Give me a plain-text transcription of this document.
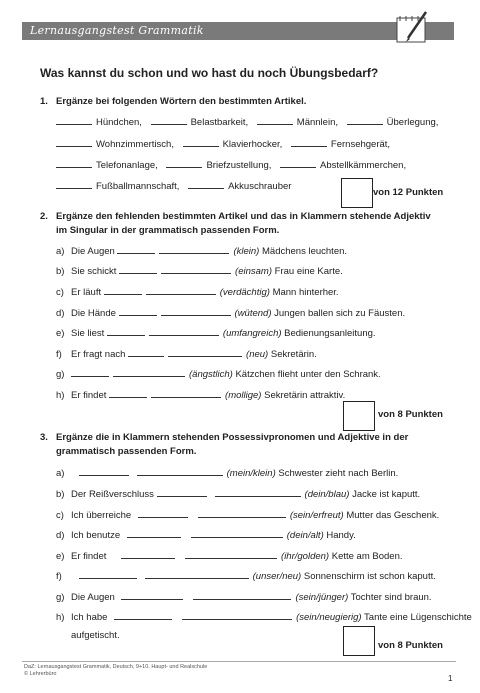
Lernausgangstest Grammatik
Was kannst du schon und wo hast du noch Übungsbedarf?
1. Ergänze bei folgenden Wörtern den bestimmten Artikel.
Hündchen,	Belastbarkeit,	Männlein,	Überlegung,
Wohnzimmertisch,	Klavierhocker,	Fernsehgerät,
Telefonanlage,	Briefzustellung,	Abstellkämmerchen,
Fußballmannschaft,	Akkuschrauber
von 12 Punkten
2. Ergänze den fehlenden bestimmten Artikel und das in Klammern stehende Adjektiv
im Singular in der grammatisch passenden Form.
a) Die Augen	(klein) Mädchens leuchten.
b) Sie schickt	(einsam) Frau eine Karte.
c) Er läuft	(verdächtig) Mann hinterher.
d) Die Hände	(wütend) Jungen ballen sich zu Fäusten.
e) Sie liest	(umfangreich) Bedienungsanleitung.
f) Er fragt nach	(neu) Sekretärin.
g)	(ängstlich) Kätzchen flieht unter den Schrank.
h) Er findet	(mollige) Sekretärin attraktiv.
von 8 Punkten
3. Ergänze die in Klammern stehenden Possessivpronomen und Adjektive in der
grammatisch passenden Form.
a)	(mein/klein) Schwester zieht nach Berlin.
b) Der Reißverschluss	(dein/blau) Jacke ist kaputt.
c) Ich überreiche	(sein/erfreut) Mutter das Geschenk.
d) Ich benutze	(dein/alt) Handy.
e) Er findet	(ihr/golden) Kette am Boden.
f)	(unser/neu) Sonnenschirm ist schon kaputt.
g) Die Augen	(sein/jünger) Tochter sind braun.
h) Ich habe	(sein/neugierig) Tante eine Lügenschichte
aufgetischt.
von 8 Punkten
DaZ: Lernausgangstest Grammatik, Deutsch, 9+10. Haupt- und Realschule
© Lehrerbüro	1
